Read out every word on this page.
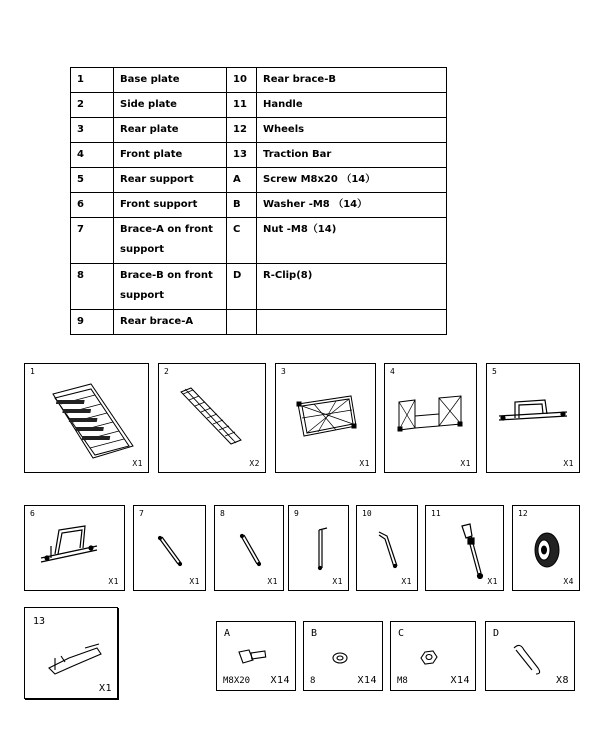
1	Base plate	10	Rear brace-B
2	Side plate	11	Handle
3	Rear plate	12	Wheels
4	Front plate	13	Traction Bar
5	Rear support	A	Screw M8x20 （14）
6	Front support	B	Washer -M8 （14）
7	Brace-A on front support	C	Nut -M8（14)
8	Brace-B on front support	D	R-Clip(8)
9	Rear brace-A		
1
X1
2
X2
3
X1
4
X1
5
X1
6
X1
7
X1
8
X1
9
X1
10
X1
11
X1
12
X4
13
X1
A
M8X20 X14
B
8	X14
C
M8	X14
D
X8
